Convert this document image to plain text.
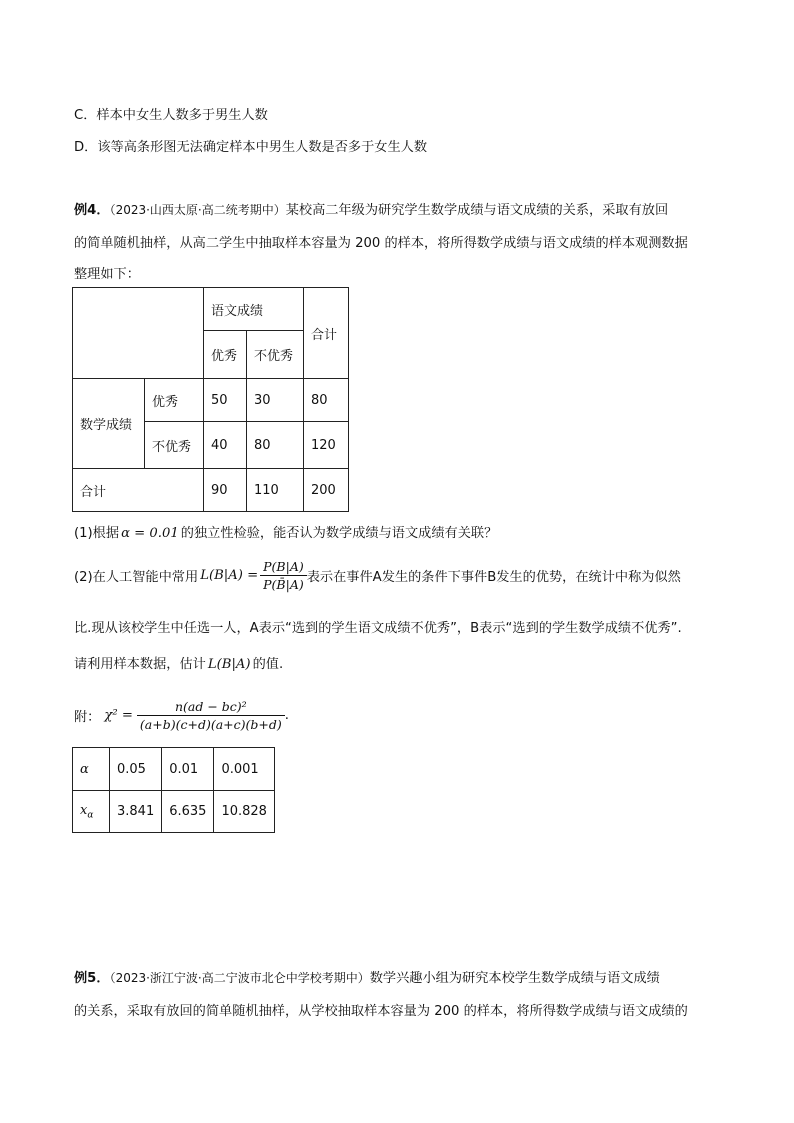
C．样本中女生人数多于男生人数
D．该等高条形图无法确定样本中男生人数是否多于女生人数
例4．（2023·山西太原·高二统考期中）某校高二年级为研究学生数学成绩与语文成绩的关系，采取有放回
的简单随机抽样，从高二学生中抽取样本容量为 200 的样本，将所得数学成绩与语文成绩的样本观测数据
整理如下：
		语文成绩		合计
		优秀	不优秀	
数学成绩	优秀	50	30	80
	不优秀	40	80	120
合计		90	110	200
(1)根据 α = 0.01 的独立性检验，能否认为数学成绩与语文成绩有关联？
(2)在人工智能中常用 $L(B|A) = \frac{P(B|A)}{P(B̄|A)}$ 表示在事件A发生的条件下事件B发生的优势，在统计中称为似然
比.现从该校学生中任选一人，A表示“选到的学生语文成绩不优秀”，B表示“选到的学生数学成绩不优秀”.
请利用样本数据，估计 L(B|A) 的值.
附： $\chi^2 = \frac{\text{n(ad − bc)²}}{(a+b)(c+d)(a+c)(b+d)}$ .
α	0.05	0.01	0.001
$x_\alpha$	3.841	6.635	10.828
例5．（2023·浙江宁波·高二宁波市北仑中学校考期中）数学兴趣小组为研究本校学生数学成绩与语文成绩
的关系，采取有放回的简单随机抽样，从学校抽取样本容量为 200 的样本，将所得数学成绩与语文成绩的
